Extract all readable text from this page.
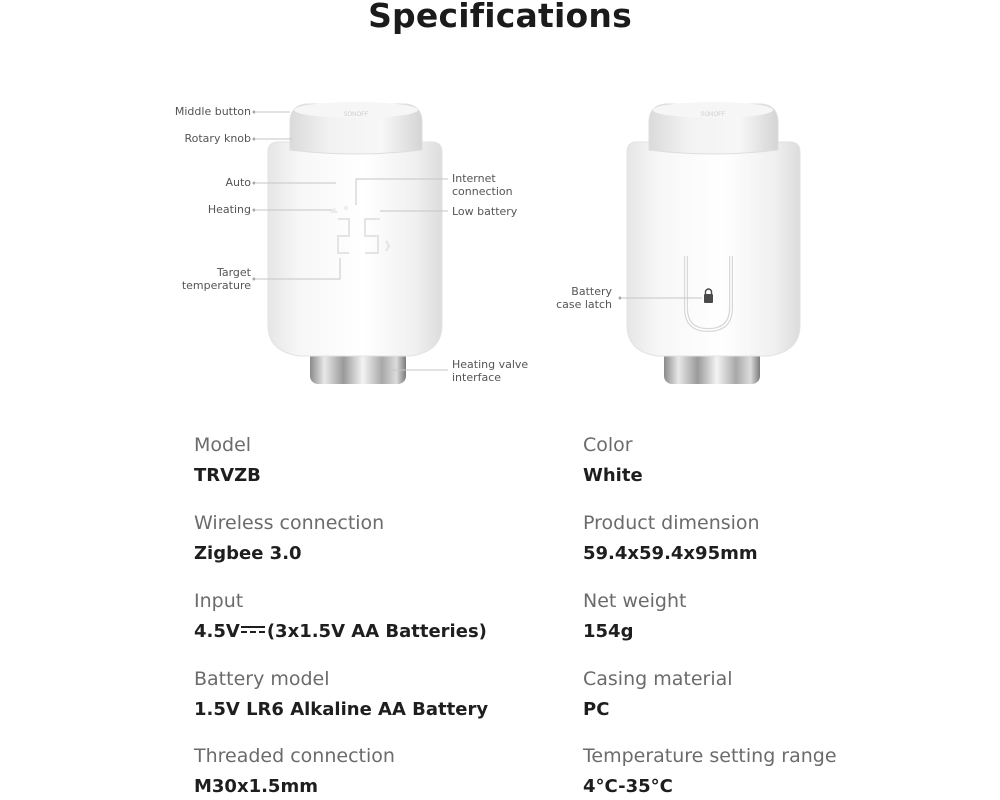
Specifications
SONOFF	SONOFF
Middle button
Rotary knob
Auto
Heating
Target
temperature
Internet
connection
Low battery
Heating valve
interface
Battery
case latch
Model
TRVZB
Color
White
Wireless connection
Zigbee 3.0
Product dimension
59.4x59.4x95mm
Input
4.5V (3x1.5V AA Batteries)
Net weight
154g
Battery model
1.5V LR6 Alkaline AA Battery
Casing material
PC
Threaded connection
M30x1.5mm
Temperature setting range
4°C-35°C
